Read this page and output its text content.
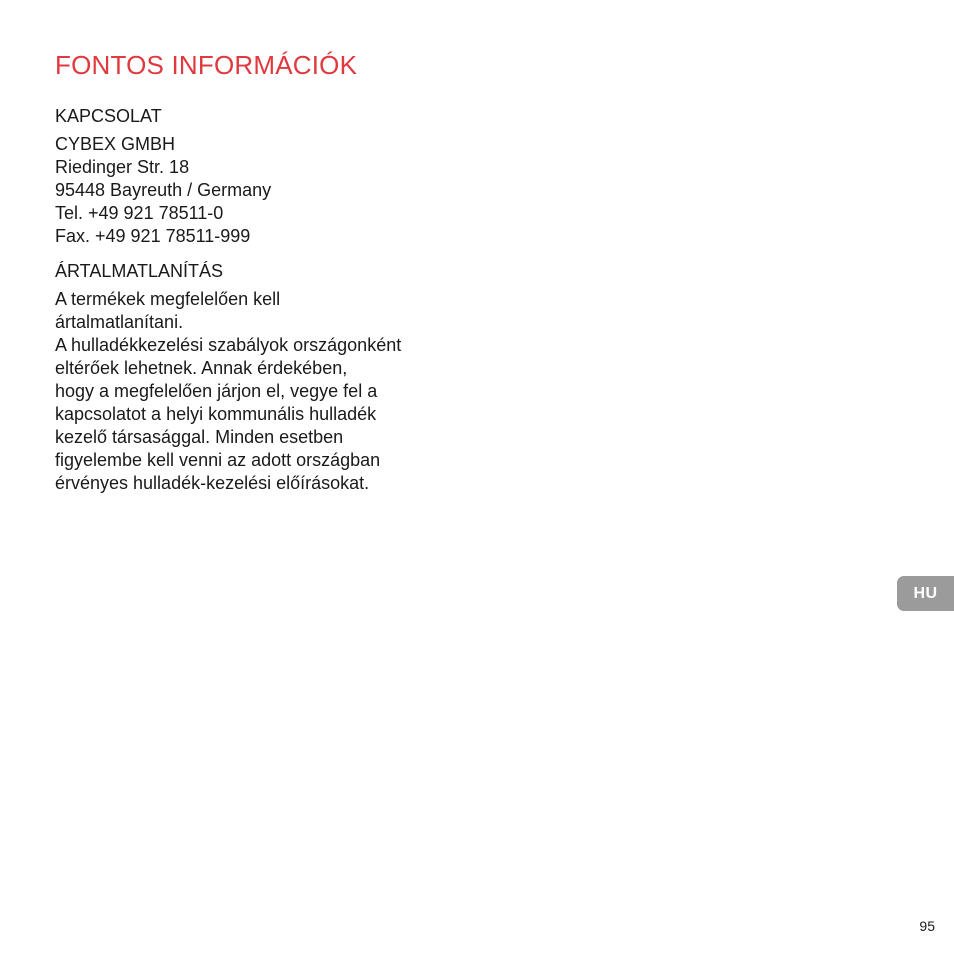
FONTOS INFORMÁCIÓK
KAPCSOLAT
CYBEX GMBH
Riedinger Str. 18
95448 Bayreuth / Germany
Tel. +49 921 78511-0
Fax. +49 921 78511-999
ÁRTALMATLANÍTÁS
A termékek megfelelően kell
ártalmatlanítani.
A hulladékkezelési szabályok országonként
eltérőek lehetnek. Annak érdekében,
hogy a megfelelően járjon el, vegye fel a
kapcsolatot a helyi kommunális hulladék
kezelő társasággal. Minden esetben
figyelembe kell venni az adott országban
érvényes hulladék-kezelési előírásokat.
HU
95
